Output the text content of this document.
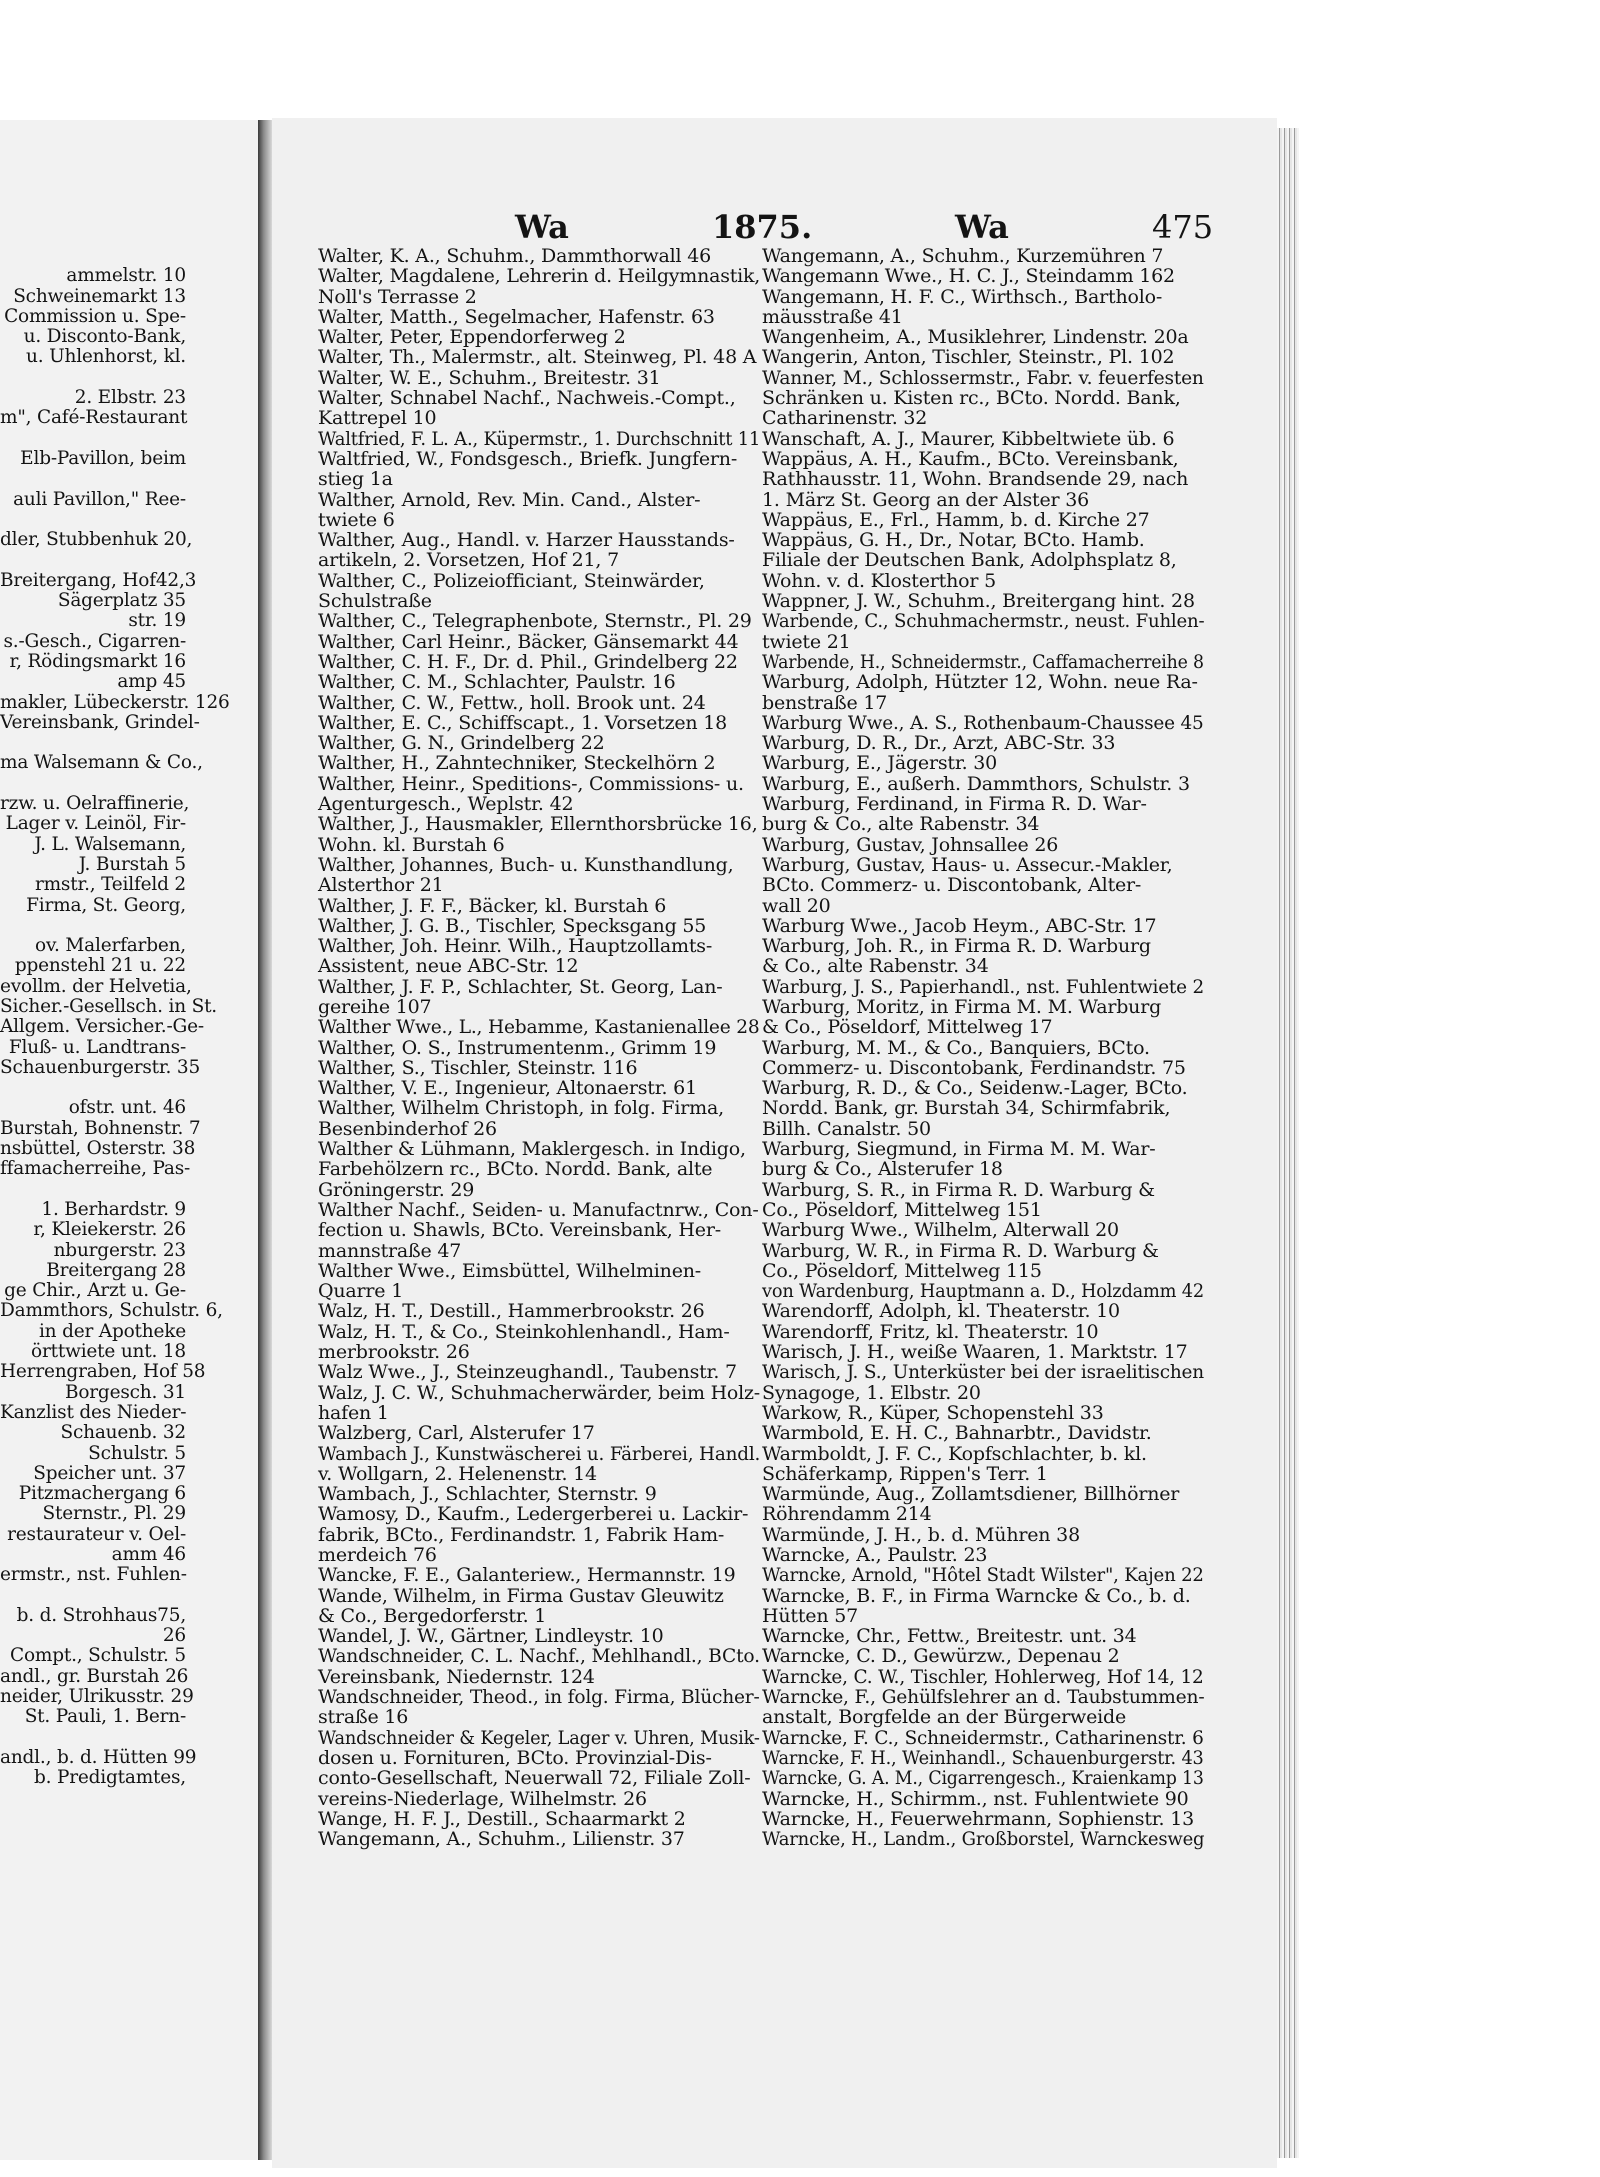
Wa	1875.	Wa	475
ammelstr. 10
Schweinemarkt 13
Commission u. Spe-
u. Disconto-Bank,
u. Uhlenhorst, kl.
2. Elbstr. 23
m", Café-Restaurant
Elb-Pavillon, beim
auli Pavillon," Ree-
dler, Stubbenhuk 20,
Breitergang, Hof42,3
Sägerplatz 35
str. 19
s.-Gesch., Cigarren-
r, Rödingsmarkt 16
amp 45
makler, Lübeckerstr. 126
Vereinsbank, Grindel-
ma Walsemann & Co.,
rzw. u. Oelraffinerie,
Lager v. Leinöl, Fir-
J. L. Walsemann,
J. Burstah 5
rmstr., Teilfeld 2
Firma, St. Georg,
ov. Malerfarben,
ppenstehl 21 u. 22
evollm. der Helvetia,
Sicher.-Gesellsch. in St.
Allgem. Versicher.-Ge-
Fluß- u. Landtrans-
Schauenburgerstr. 35
ofstr. unt. 46
Burstah, Bohnenstr. 7
nsbüttel, Osterstr. 38
ffamacherreihe, Pas-
1. Berhardstr. 9
r, Kleiekerstr. 26
nburgerstr. 23
Breitergang 28
ge Chir., Arzt u. Ge-
Dammthors, Schulstr. 6,
in der Apotheke
örttwiete unt. 18
Herrengraben, Hof 58
Borgesch. 31
Kanzlist des Nieder-
Schauenb. 32
Schulstr. 5
Speicher unt. 37
Pitzmachergang 6
Sternstr., Pl. 29
restaurateur v. Oel-
amm 46
ermstr., nst. Fuhlen-
b. d. Strohhaus75,
26
Compt., Schulstr. 5
andl., gr. Burstah 26
neider, Ulrikusstr. 29
St. Pauli, 1. Bern-
andl., b. d. Hütten 99
b. Predigtamtes,
Walter, K. A., Schuhm., Dammthorwall 46
Walter, Magdalene, Lehrerin d. Heilgymnastik,
Noll's Terrasse 2
Walter, Matth., Segelmacher, Hafenstr. 63
Walter, Peter, Eppendorferweg 2
Walter, Th., Malermstr., alt. Steinweg, Pl. 48 A
Walter, W. E., Schuhm., Breitestr. 31
Walter, Schnabel Nachf., Nachweis.-Compt.,
Kattrepel 10
Waltfried, F. L. A., Küpermstr., 1. Durchschnitt 11
Waltfried, W., Fondsgesch., Briefk. Jungfern-
stieg 1a
Walther, Arnold, Rev. Min. Cand., Alster-
twiete 6
Walther, Aug., Handl. v. Harzer Hausstands-
artikeln, 2. Vorsetzen, Hof 21, 7
Walther, C., Polizeiofficiant, Steinwärder,
Schulstraße
Walther, C., Telegraphenbote, Sternstr., Pl. 29
Walther, Carl Heinr., Bäcker, Gänsemarkt 44
Walther, C. H. F., Dr. d. Phil., Grindelberg 22
Walther, C. M., Schlachter, Paulstr. 16
Walther, C. W., Fettw., holl. Brook unt. 24
Walther, E. C., Schiffscapt., 1. Vorsetzen 18
Walther, G. N., Grindelberg 22
Walther, H., Zahntechniker, Steckelhörn 2
Walther, Heinr., Speditions-, Commissions- u.
Agenturgesch., Weplstr. 42
Walther, J., Hausmakler, Ellernthorsbrücke 16,
Wohn. kl. Burstah 6
Walther, Johannes, Buch- u. Kunsthandlung,
Alsterthor 21
Walther, J. F. F., Bäcker, kl. Burstah 6
Walther, J. G. B., Tischler, Specksgang 55
Walther, Joh. Heinr. Wilh., Hauptzollamts-
Assistent, neue ABC-Str. 12
Walther, J. F. P., Schlachter, St. Georg, Lan-
gereihe 107
Walther Wwe., L., Hebamme, Kastanienallee 28
Walther, O. S., Instrumentenm., Grimm 19
Walther, S., Tischler, Steinstr. 116
Walther, V. E., Ingenieur, Altonaerstr. 61
Walther, Wilhelm Christoph, in folg. Firma,
Besenbinderhof 26
Walther & Lühmann, Maklergesch. in Indigo,
Farbehölzern rc., BCto. Nordd. Bank, alte
Gröningerstr. 29
Walther Nachf., Seiden- u. Manufactnrw., Con-
fection u. Shawls, BCto. Vereinsbank, Her-
mannstraße 47
Walther Wwe., Eimsbüttel, Wilhelminen-
Quarre 1
Walz, H. T., Destill., Hammerbrookstr. 26
Walz, H. T., & Co., Steinkohlenhandl., Ham-
merbrookstr. 26
Walz Wwe., J., Steinzeughandl., Taubenstr. 7
Walz, J. C. W., Schuhmacherwärder, beim Holz-
hafen 1
Walzberg, Carl, Alsterufer 17
Wambach J., Kunstwäscherei u. Färberei, Handl.
v. Wollgarn, 2. Helenenstr. 14
Wambach, J., Schlachter, Sternstr. 9
Wamosy, D., Kaufm., Ledergerberei u. Lackir-
fabrik, BCto., Ferdinandstr. 1, Fabrik Ham-
merdeich 76
Wancke, F. E., Galanteriew., Hermannstr. 19
Wande, Wilhelm, in Firma Gustav Gleuwitz
& Co., Bergedorferstr. 1
Wandel, J. W., Gärtner, Lindleystr. 10
Wandschneider, C. L. Nachf., Mehlhandl., BCto.
Vereinsbank, Niedernstr. 124
Wandschneider, Theod., in folg. Firma, Blücher-
straße 16
Wandschneider & Kegeler, Lager v. Uhren, Musik-
dosen u. Fornituren, BCto. Provinzial-Dis-
conto-Gesellschaft, Neuerwall 72, Filiale Zoll-
vereins-Niederlage, Wilhelmstr. 26
Wange, H. F. J., Destill., Schaarmarkt 2
Wangemann, A., Schuhm., Lilienstr. 37
Wangemann, A., Schuhm., Kurzemühren 7
Wangemann Wwe., H. C. J., Steindamm 162
Wangemann, H. F. C., Wirthsch., Bartholo-
mäusstraße 41
Wangenheim, A., Musiklehrer, Lindenstr. 20a
Wangerin, Anton, Tischler, Steinstr., Pl. 102
Wanner, M., Schlossermstr., Fabr. v. feuerfesten
Schränken u. Kisten rc., BCto. Nordd. Bank,
Catharinenstr. 32
Wanschaft, A. J., Maurer, Kibbeltwiete üb. 6
Wappäus, A. H., Kaufm., BCto. Vereinsbank,
Rathhausstr. 11, Wohn. Brandsende 29, nach
1. März St. Georg an der Alster 36
Wappäus, E., Frl., Hamm, b. d. Kirche 27
Wappäus, G. H., Dr., Notar, BCto. Hamb.
Filiale der Deutschen Bank, Adolphsplatz 8,
Wohn. v. d. Klosterthor 5
Wappner, J. W., Schuhm., Breitergang hint. 28
Warbende, C., Schuhmachermstr., neust. Fuhlen-
twiete 21
Warbende, H., Schneidermstr., Caffamacherreihe 8
Warburg, Adolph, Hützter 12, Wohn. neue Ra-
benstraße 17
Warburg Wwe., A. S., Rothenbaum-Chaussee 45
Warburg, D. R., Dr., Arzt, ABC-Str. 33
Warburg, E., Jägerstr. 30
Warburg, E., außerh. Dammthors, Schulstr. 3
Warburg, Ferdinand, in Firma R. D. War-
burg & Co., alte Rabenstr. 34
Warburg, Gustav, Johnsallee 26
Warburg, Gustav, Haus- u. Assecur.-Makler,
BCto. Commerz- u. Discontobank, Alter-
wall 20
Warburg Wwe., Jacob Heym., ABC-Str. 17
Warburg, Joh. R., in Firma R. D. Warburg
& Co., alte Rabenstr. 34
Warburg, J. S., Papierhandl., nst. Fuhlentwiete 2
Warburg, Moritz, in Firma M. M. Warburg
& Co., Pöseldorf, Mittelweg 17
Warburg, M. M., & Co., Banquiers, BCto.
Commerz- u. Discontobank, Ferdinandstr. 75
Warburg, R. D., & Co., Seidenw.-Lager, BCto.
Nordd. Bank, gr. Burstah 34, Schirmfabrik,
Billh. Canalstr. 50
Warburg, Siegmund, in Firma M. M. War-
burg & Co., Alsterufer 18
Warburg, S. R., in Firma R. D. Warburg &
Co., Pöseldorf, Mittelweg 151
Warburg Wwe., Wilhelm, Alterwall 20
Warburg, W. R., in Firma R. D. Warburg &
Co., Pöseldorf, Mittelweg 115
von Wardenburg, Hauptmann a. D., Holzdamm 42
Warendorff, Adolph, kl. Theaterstr. 10
Warendorff, Fritz, kl. Theaterstr. 10
Warisch, J. H., weiße Waaren, 1. Marktstr. 17
Warisch, J. S., Unterküster bei der israelitischen
Synagoge, 1. Elbstr. 20
Warkow, R., Küper, Schopenstehl 33
Warmbold, E. H. C., Bahnarbtr., Davidstr.
Warmboldt, J. F. C., Kopfschlachter, b. kl.
Schäferkamp, Rippen's Terr. 1
Warmünde, Aug., Zollamtsdiener, Billhörner
Röhrendamm 214
Warmünde, J. H., b. d. Mühren 38
Warncke, A., Paulstr. 23
Warncke, Arnold, "Hôtel Stadt Wilster", Kajen 22
Warncke, B. F., in Firma Warncke & Co., b. d.
Hütten 57
Warncke, Chr., Fettw., Breitestr. unt. 34
Warncke, C. D., Gewürzw., Depenau 2
Warncke, C. W., Tischler, Hohlerweg, Hof 14, 12
Warncke, F., Gehülfslehrer an d. Taubstummen-
anstalt, Borgfelde an der Bürgerweide
Warncke, F. C., Schneidermstr., Catharinenstr. 6
Warncke, F. H., Weinhandl., Schauenburgerstr. 43
Warncke, G. A. M., Cigarrengesch., Kraienkamp 13
Warncke, H., Schirmm., nst. Fuhlentwiete 90
Warncke, H., Feuerwehrmann, Sophienstr. 13
Warncke, H., Landm., Großborstel, Warnckesweg
